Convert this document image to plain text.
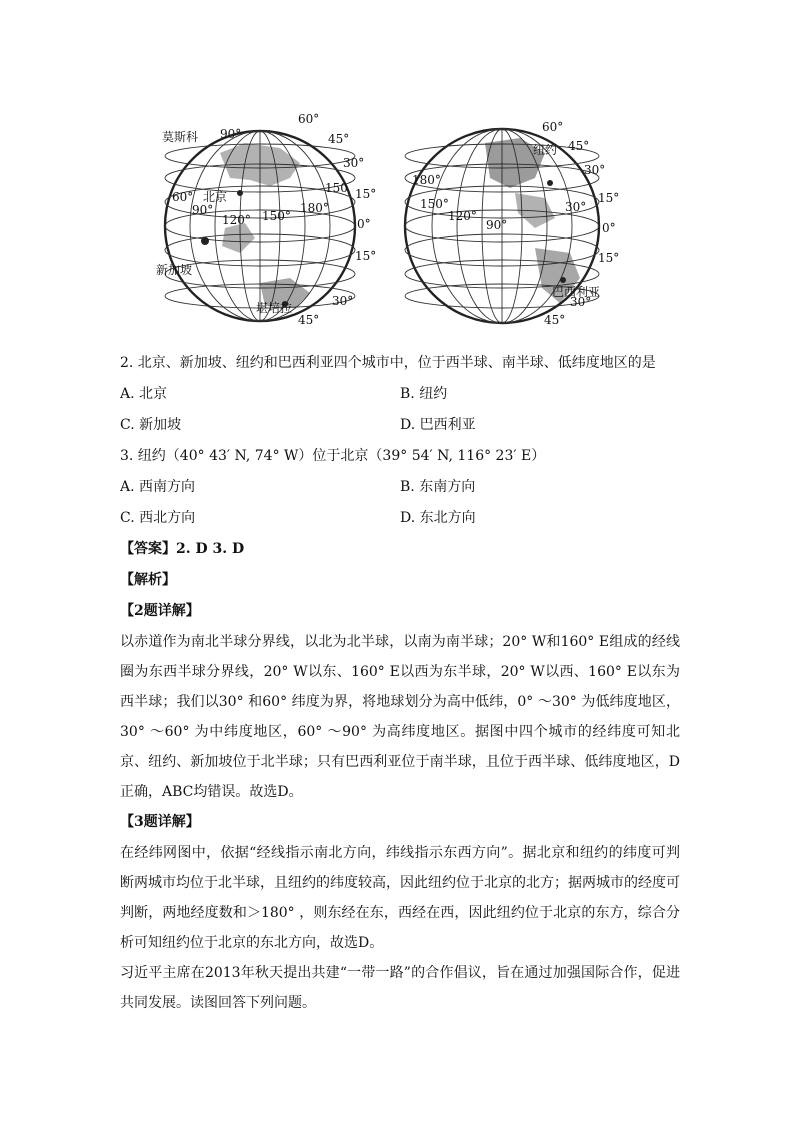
莫斯科
北京
新加坡
堪培拉
60°
45°
30°
15°
0°
15°
30°
45°
90°
60°
90°
120° 150°
180°
150
纽约
巴西利亚
60°
45°
30°
15°
0°
15°
30°
45°
180°
150°
120°
90°
30°
2. 北京、新加坡、纽约和巴西利亚四个城市中，位于西半球、南半球、低纬度地区的是
A. 北京	B. 纽约
C. 新加坡	D. 巴西利亚
3. 纽约（40° 43′ N, 74° W）位于北京（39° 54′ N, 116° 23′ E）
A. 西南方向	B. 东南方向
C. 西北方向	D. 东北方向
【答案】2. D 3. D
【解析】
【2题详解】

以赤道作为南北半球分界线，以北为北半球，以南为南半球；20° W和160° E组成的经线圈为东西半球分界线，20° W以东、160° E以西为东半球，20° W以西、160° E以东为西半球；我们以30° 和60° 纬度为界，将地球划分为高中低纬，0° ～30° 为低纬度地区，30° ～60° 为中纬度地区，60° ～90° 为高纬度地区。据图中四个城市的经纬度可知北京、纽约、新加坡位于北半球；只有巴西利亚位于南半球，且位于西半球、低纬度地区，D正确，ABC均错误。故选D。

【3题详解】

在经纬网图中，依据“经线指示南北方向，纬线指示东西方向”。据北京和纽约的纬度可判断两城市均位于北半球，且纽约的纬度较高，因此纽约位于北京的北方；据两城市的经度可判断，两地经度数和＞180° ，则东经在东，西经在西，因此纽约位于北京的东方，综合分析可知纽约位于北京的东北方向，故选D。

习近平主席在2013年秋天提出共建“一带一路”的合作倡议，旨在通过加强国际合作，促进共同发展。读图回答下列问题。
